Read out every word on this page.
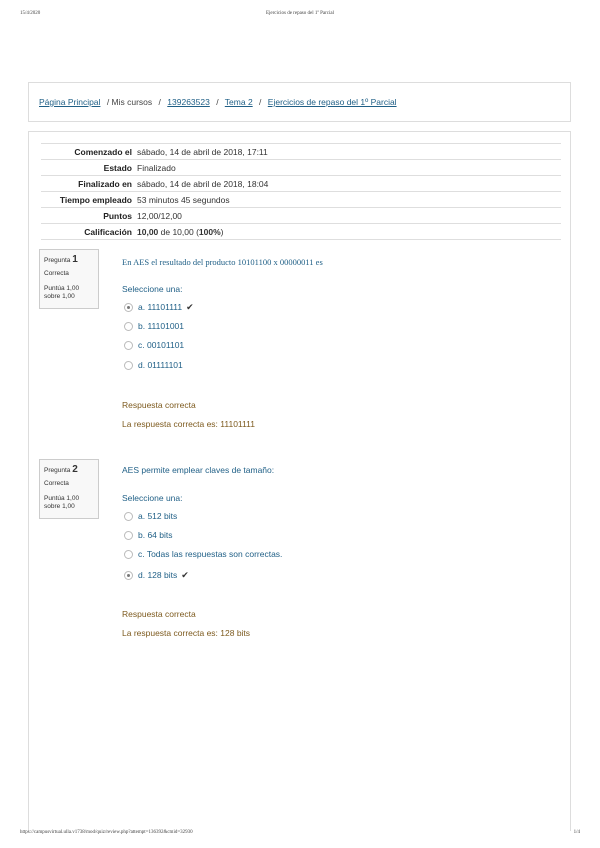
15/4/2020	Ejercicios de repaso del 1º Parcial
Página Principal / Mis cursos / 139263523 / Tema 2 / Ejercicios de repaso del 1º Parcial
Comenzado el	sábado, 14 de abril de 2018, 17:11
Estado	Finalizado
Finalizado en	sábado, 14 de abril de 2018, 18:04
Tiempo empleado	53 minutos 45 segundos
Puntos	12,00/12,00
Calificación	10,00 de 10,00 (100%)
Pregunta 1
Correcta
Puntúa 1,00
sobre 1,00
En AES el resultado del producto 10101100 x 00000011 es
Seleccione una:
a. 11101111 ✔
b. 11101001
c. 00101101
d. 01111101
Respuesta correcta
La respuesta correcta es: 11101111
Pregunta 2
Correcta
Puntúa 1,00
sobre 1,00
AES permite emplear claves de tamaño:
Seleccione una:
a. 512 bits
b. 64 bits
c. Todas las respuestas son correctas.
d. 128 bits ✔
Respuesta correcta
La respuesta correcta es: 128 bits
https://campusvirtual.ulla.v1738/mod/quiz/review.php?attempt=136392&cmid=32930	1/4
